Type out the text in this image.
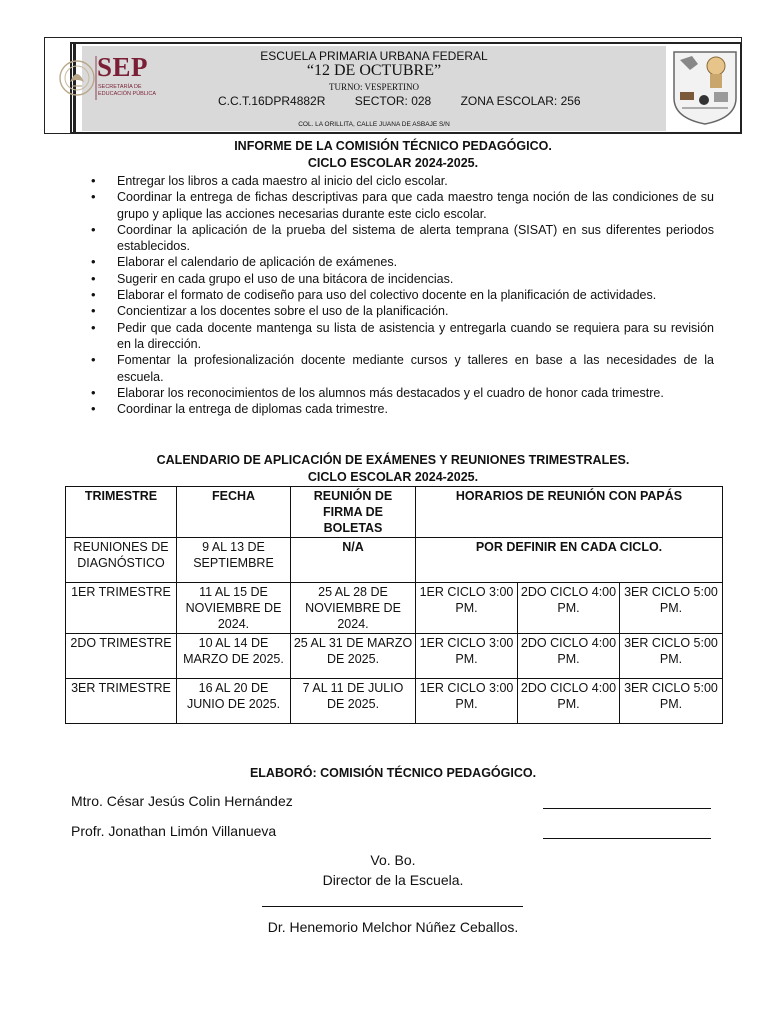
SEP
SECRETARÍA DE
EDUCACIÓN PÚBLICA
ESCUELA PRIMARIA URBANA FEDERAL
“12 DE OCTUBRE”
TURNO: VESPERTINO
C.C.T.16DPR4882R SECTOR: 028 ZONA ESCOLAR: 256
COL. LA ORILLITA, CALLE JUANA DE ASBAJE S/N
INFORME DE LA COMISIÓN TÉCNICO PEDAGÓGICO.
CICLO ESCOLAR 2024-2025.
• Entregar los libros a cada maestro al inicio del ciclo escolar.
• Coordinar la entrega de fichas descriptivas para que cada maestro tenga noción de las condiciones de su grupo y aplique las acciones necesarias durante este ciclo escolar.
• Coordinar la aplicación de la prueba del sistema de alerta temprana (SISAT) en sus diferentes periodos establecidos.
• Elaborar el calendario de aplicación de exámenes.
• Sugerir en cada grupo el uso de una bitácora de incidencias.
• Elaborar el formato de codiseño para uso del colectivo docente en la planificación de actividades.
• Concientizar a los docentes sobre el uso de la planificación.
• Pedir que cada docente mantenga su lista de asistencia y entregarla cuando se requiera para su revisión en la dirección.
• Fomentar la profesionalización docente mediante cursos y talleres en base a las necesidades de la escuela.
• Elaborar los reconocimientos de los alumnos más destacados y el cuadro de honor cada trimestre.
• Coordinar la entrega de diplomas cada trimestre.
CALENDARIO DE APLICACIÓN DE EXÁMENES Y REUNIONES TRIMESTRALES.
CICLO ESCOLAR 2024-2025.
TRIMESTRE	FECHA	REUNIÓN DE FIRMA DE BOLETAS	HORARIOS DE REUNIÓN CON PAPÁS		
REUNIONES DE DIAGNÓSTICO	9 AL 13 DE SEPTIEMBRE	N/A	POR DEFINIR EN CADA CICLO.		
1ER TRIMESTRE	11 AL 15 DE NOVIEMBRE DE 2024.	25 AL 28 DE NOVIEMBRE DE 2024.	1ER CICLO 3:00 PM.	2DO CICLO 4:00 PM.	3ER CICLO 5:00 PM.
2DO TRIMESTRE	10 AL 14 DE MARZO DE 2025.	25 AL 31 DE MARZO DE 2025.	1ER CICLO 3:00 PM.	2DO CICLO 4:00 PM.	3ER CICLO 5:00 PM.
3ER TRIMESTRE	16 AL 20 DE JUNIO DE 2025.	7 AL 11 DE JULIO DE 2025.	1ER CICLO 3:00 PM.	2DO CICLO 4:00 PM.	3ER CICLO 5:00 PM.
ELABORÓ: COMISIÓN TÉCNICO PEDAGÓGICO.
Mtro. César Jesús Colin Hernández
Profr. Jonathan Limón Villanueva
Vo. Bo.
Director de la Escuela.
Dr. Henemorio Melchor Núñez Ceballos.
